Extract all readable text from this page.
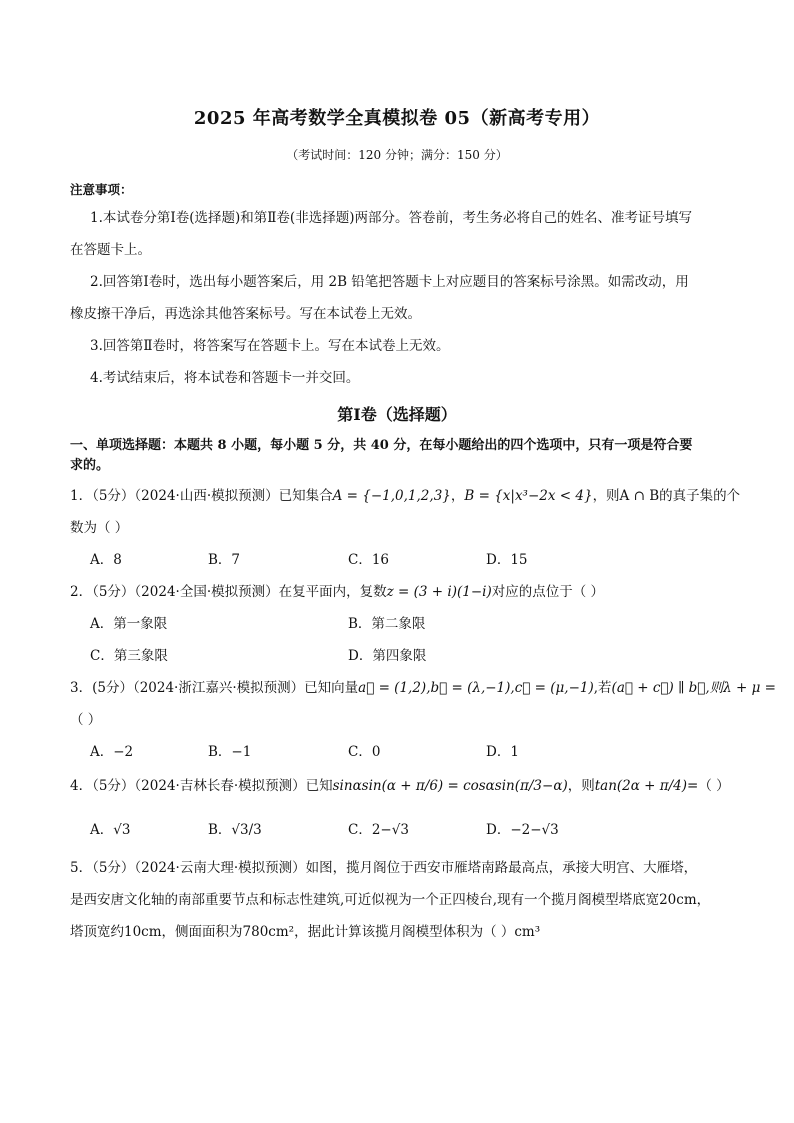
2025 年高考数学全真模拟卷 05（新高考专用）
（考试时间：120 分钟；满分：150 分）
注意事项：
1.本试卷分第Ⅰ卷(选择题)和第Ⅱ卷(非选择题)两部分。答卷前，考生务必将自己的姓名、准考证号填写
在答题卡上。
2.回答第Ⅰ卷时，选出每小题答案后，用 2B 铅笔把答题卡上对应题目的答案标号涂黑。如需改动，用
橡皮擦干净后，再选涂其他答案标号。写在本试卷上无效。
3.回答第Ⅱ卷时，将答案写在答题卡上。写在本试卷上无效。
4.考试结束后，将本试卷和答题卡一并交回。
第Ⅰ卷（选择题）
一、单项选择题：本题共 8 小题，每小题 5 分，共 40 分，在每小题给出的四个选项中，只有一项是符合要
求的。
1．（5分）（2024·山西·模拟预测）已知集合A = {−1,0,1,2,3}，B = {x|x³−2x < 4}，则A ∩ B的真子集的个
数为（ ）
A．8	B．7	C．16	D．15
2．（5分）（2024·全国·模拟预测）在复平面内，复数z = (3 + i)(1−i)对应的点位于（ ）
A．第一象限	B．第二象限
C．第三象限	D．第四象限
3．(5分）（2024·浙江嘉兴·模拟预测）已知向量a⃗ = (1,2),b⃗ = (λ,−1),c⃗ = (μ,−1),若(a⃗ + c⃗) ∥ b⃗,则λ + μ =
（ ）
A．−2	B．−1	C．0	D．1
4．（5分）（2024·吉林长春·模拟预测）已知sinαsin(α + π/6) = cosαsin(π/3−α)，则tan(2α + π/4)=（ ）
A．√3	B．√3/3	C．2−√3	D．−2−√3
5．（5分）（2024·云南大理·模拟预测）如图，揽月阁位于西安市雁塔南路最高点，承接大明宫、大雁塔，
是西安唐文化轴的南部重要节点和标志性建筑,可近似视为一个正四棱台,现有一个揽月阁模型塔底宽20cm，
塔顶宽约10cm，侧面面积为780cm²，据此计算该揽月阁模型体积为（ ）cm³
